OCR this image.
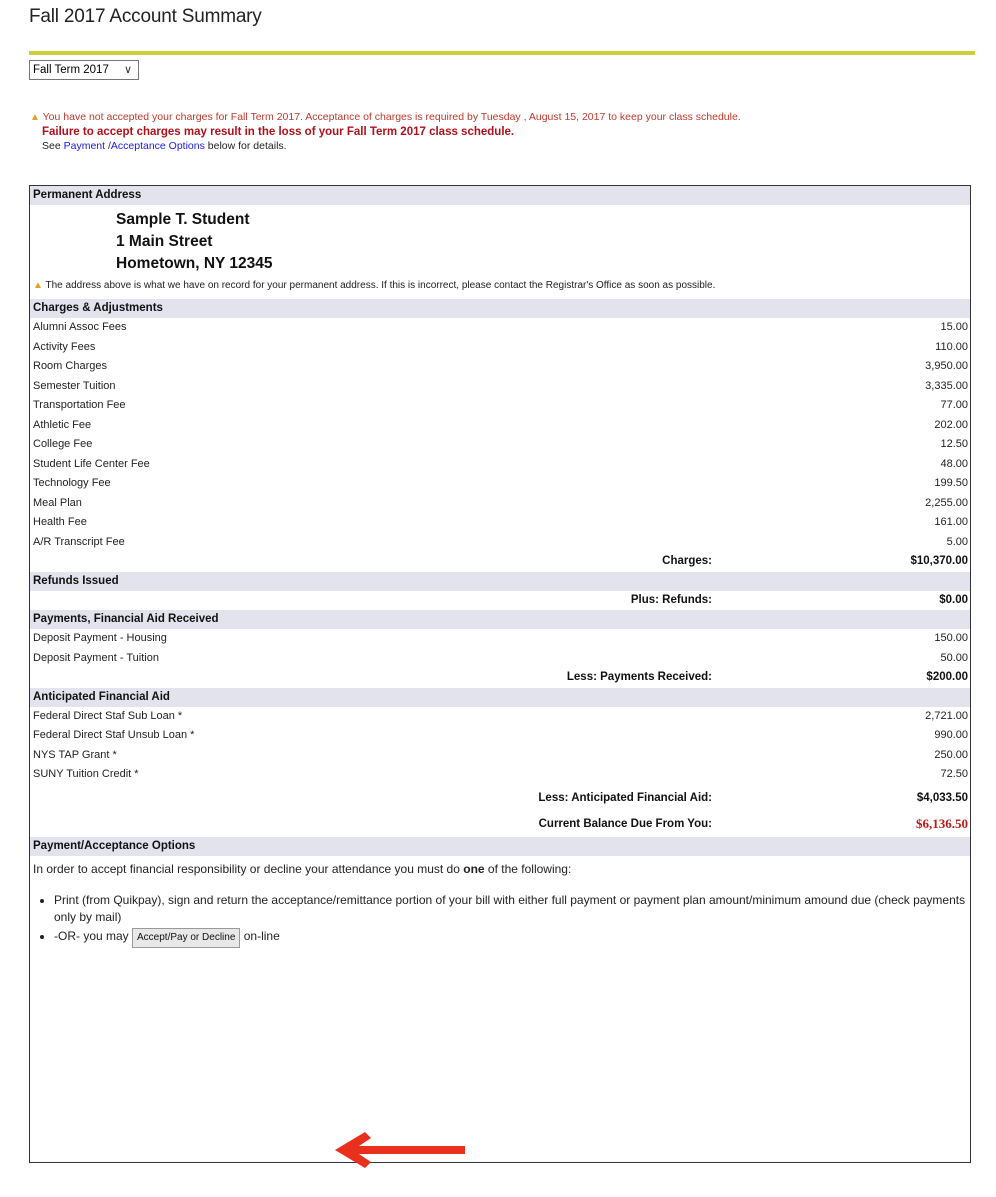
Fall 2017 Account Summary
Fall Term 2017 ∨
▲ You have not accepted your charges for Fall Term 2017. Acceptance of charges is required by Tuesday , August 15, 2017 to keep your class schedule.
Failure to accept charges may result in the loss of your Fall Term 2017 class schedule.
See Payment /Acceptance Options below for details.
Permanent Address
Sample T. Student
1 Main Street
Hometown, NY 12345
▲ The address above is what we have on record for your permanent address. If this is incorrect, please contact the Registrar's Office as soon as possible.
Charges & Adjustments
Alumni Assoc Fees	15.00
Activity Fees	110.00
Room Charges	3,950.00
Semester Tuition	3,335.00
Transportation Fee	77.00
Athletic Fee	202.00
College Fee	12.50
Student Life Center Fee	48.00
Technology Fee	199.50
Meal Plan	2,255.00
Health Fee	161.00
A/R Transcript Fee	5.00
Charges:	$10,370.00
Refunds Issued
Plus: Refunds:	$0.00
Payments, Financial Aid Received
Deposit Payment - Housing	150.00
Deposit Payment - Tuition	50.00
Less: Payments Received:	$200.00
Anticipated Financial Aid
Federal Direct Staf Sub Loan *	2,721.00
Federal Direct Staf Unsub Loan *	990.00
NYS TAP Grant *	250.00
SUNY Tuition Credit *	72.50
Less: Anticipated Financial Aid:	$4,033.50
Current Balance Due From You:	$6,136.50
Payment/Acceptance Options
In order to accept financial responsibility or decline your attendance you must do one of the following:
• Print (from Quikpay), sign and return the acceptance/remittance portion of your bill with either full payment or payment plan amount/minimum amound due (check payments only by mail)
• -OR- you may Accept/Pay or Decline on-line
